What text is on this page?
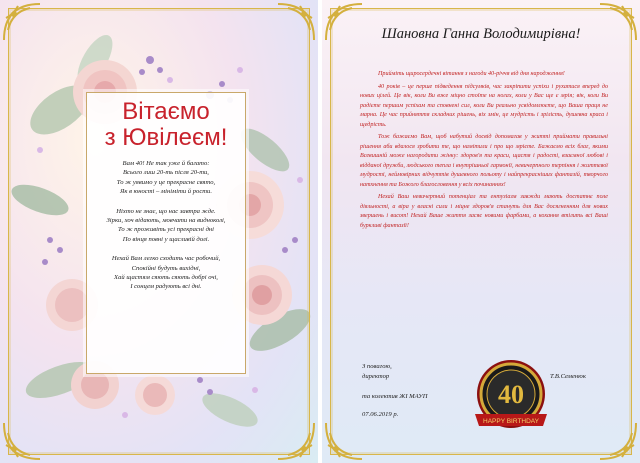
Вітаємо
з Ювілеєм!
Вам 40! Не так уже й багато:
Всього лиш 20-ть після 20-ти,
То ж уявимо у це прекрасне свято,
Як в юності – мініміти й рости.
Ніхто не знає, що нас завтра жде.
Зірки, хоч відають, мовчати на видноколі,
То ж проживіть усі прекрасні дні
По вінця повні у щасливій долі.
Нехай Вам легко сходить час робочий,
Спокійні будуть вихідні,
Хай щастям сяють сяють добрі очі,
І сонцем радують всі дні.
Шановна Ганна Володимирівна!

Прийміть щиросердечні вітання з нагоди 40-річчя від дня народження!

40 років – це перше підведення підсумків, час закріпити успіхи і рухатися вперед до нових цілей. Це вік, коли Ви вже міцно стоїте на ногах, коли у Вас ще є мрія; вік, коли Ви радієте першим успіхам та сповнені сил, коли Ви реально усвідомлюєте, що Ваша праця не марна. Це час прийняття складних рішень, віх змін, це мудрість і зрілість, душевна краса і щедрість.

Тож бажаємо Вам, щоб набутий досвід допомагав у житті приймати правильні рішення аби вдалося зробити те, що намітили і про що мрієте. Бажаємо всіх благ, якими Всевишній може нагородити жінку: здоров'я та краси, щастя і радості, взаємної любові і відданої дружби, людського тепла і внутрішньої гармонії, невичерпного терпіння і життєвої мудрості, неймовірних відчуттів душевного польоту і найпрекрасніших фантазій, творчого натхнення та Божого благословення у всіх починаннях!

Нехай Ваш невичерпний потенціал та ентузіазм завжди мають достатнє поле діяльності, а віра у власні сили і міцне здоров'я стануть для Вас досягненням для нових звершень і висот! Нехай Ваше життя засяє новими фарбами, а кохання втілить всі Ваші буркливі фантазії!

З повагою,
директор
та колектив ЖІ МАУП
07.06.2019 р.
Т.В.Семенюк
40
HAPPY BIRTHDAY
